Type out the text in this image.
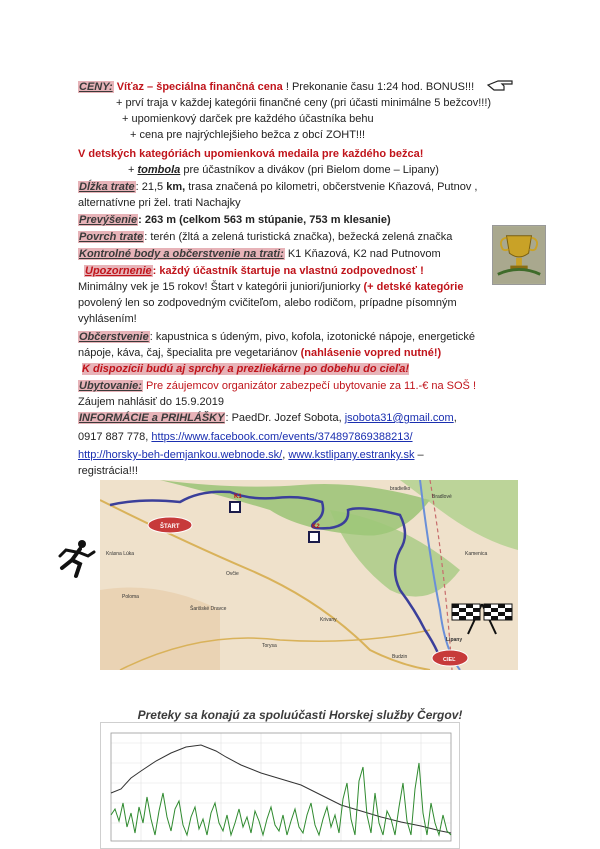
CENY: Víťaz – špeciálna finančná cena ! Prekonanie času 1:24 hod. BONUS!!!
+ prví traja v každej kategórii finančné ceny (pri účasti minimálne 5 bežcov!!!)
+ upomienkový darček pre každého účastníka behu
+ cena pre najrýchlejšieho bežca z obcí ZOHT!!!
V detských kategóriách upomienková medaila pre každého bežca!
+ tombola pre účastníkov a divákov (pri Bielom dome – Lipany)
Dĺžka trate: 21,5 km, trasa značená po kilometri, občerstvenie Kňazová, Putnov ,
alternatívne pri žel. trati Nachajky
Prevýšenie: 263 m (celkom 563 m stúpanie, 753 m klesanie)
Povrch trate: terén (žltá a zelená turistická značka), bežecká zelená značka
Kontrolné body a občerstvenie na trati: K1 Kňazová, K2 nad Putnovom
Upozornenie: každý účastník štartuje na vlastnú zodpovednosť !
Minimálny vek je 15 rokov! Štart v kategórii juniori/juniorky (+ detské kategórie
povolený len so zodpovedným cvičiteľom, alebo rodičom, prípadne písomným
vyhlásením!
Občerstvenie: kapustnica s údeným, pivo, kofola, izotonické nápoje, energetické
nápoje, káva, čaj, špecialita pre vegetariánov (nahlásenie vopred nutné!)
K dispozícii budú aj sprchy a prezliekárne po dobehu do cieľa!
Ubytovanie: Pre záujemcov organizátor zabezpečí ubytovanie za 11.-€ na SOŠ !
Záujem nahlásiť do 15.9.2019
INFORMÁCIE a PRIHLÁŠKY: PaedDr. Jozef Sobota, jsobota31@gmail.com,
0917 887 778, https://www.facebook.com/events/374897869388213/
http://horsky-beh-demjankou.webnode.sk/, www.kstlipany.estranky.sk –
registrácia!!!
ŠTART
CIEĽ
K1
K2
Krásna Lúka
Poloma
Šarišské Dravce
Torysa
Krivany
Ovčie
Lipany
Kamenica
Budzin
bradielko
Bradlové
Preteky sa konajú za spoluúčasti Horskej služby Čergov!
